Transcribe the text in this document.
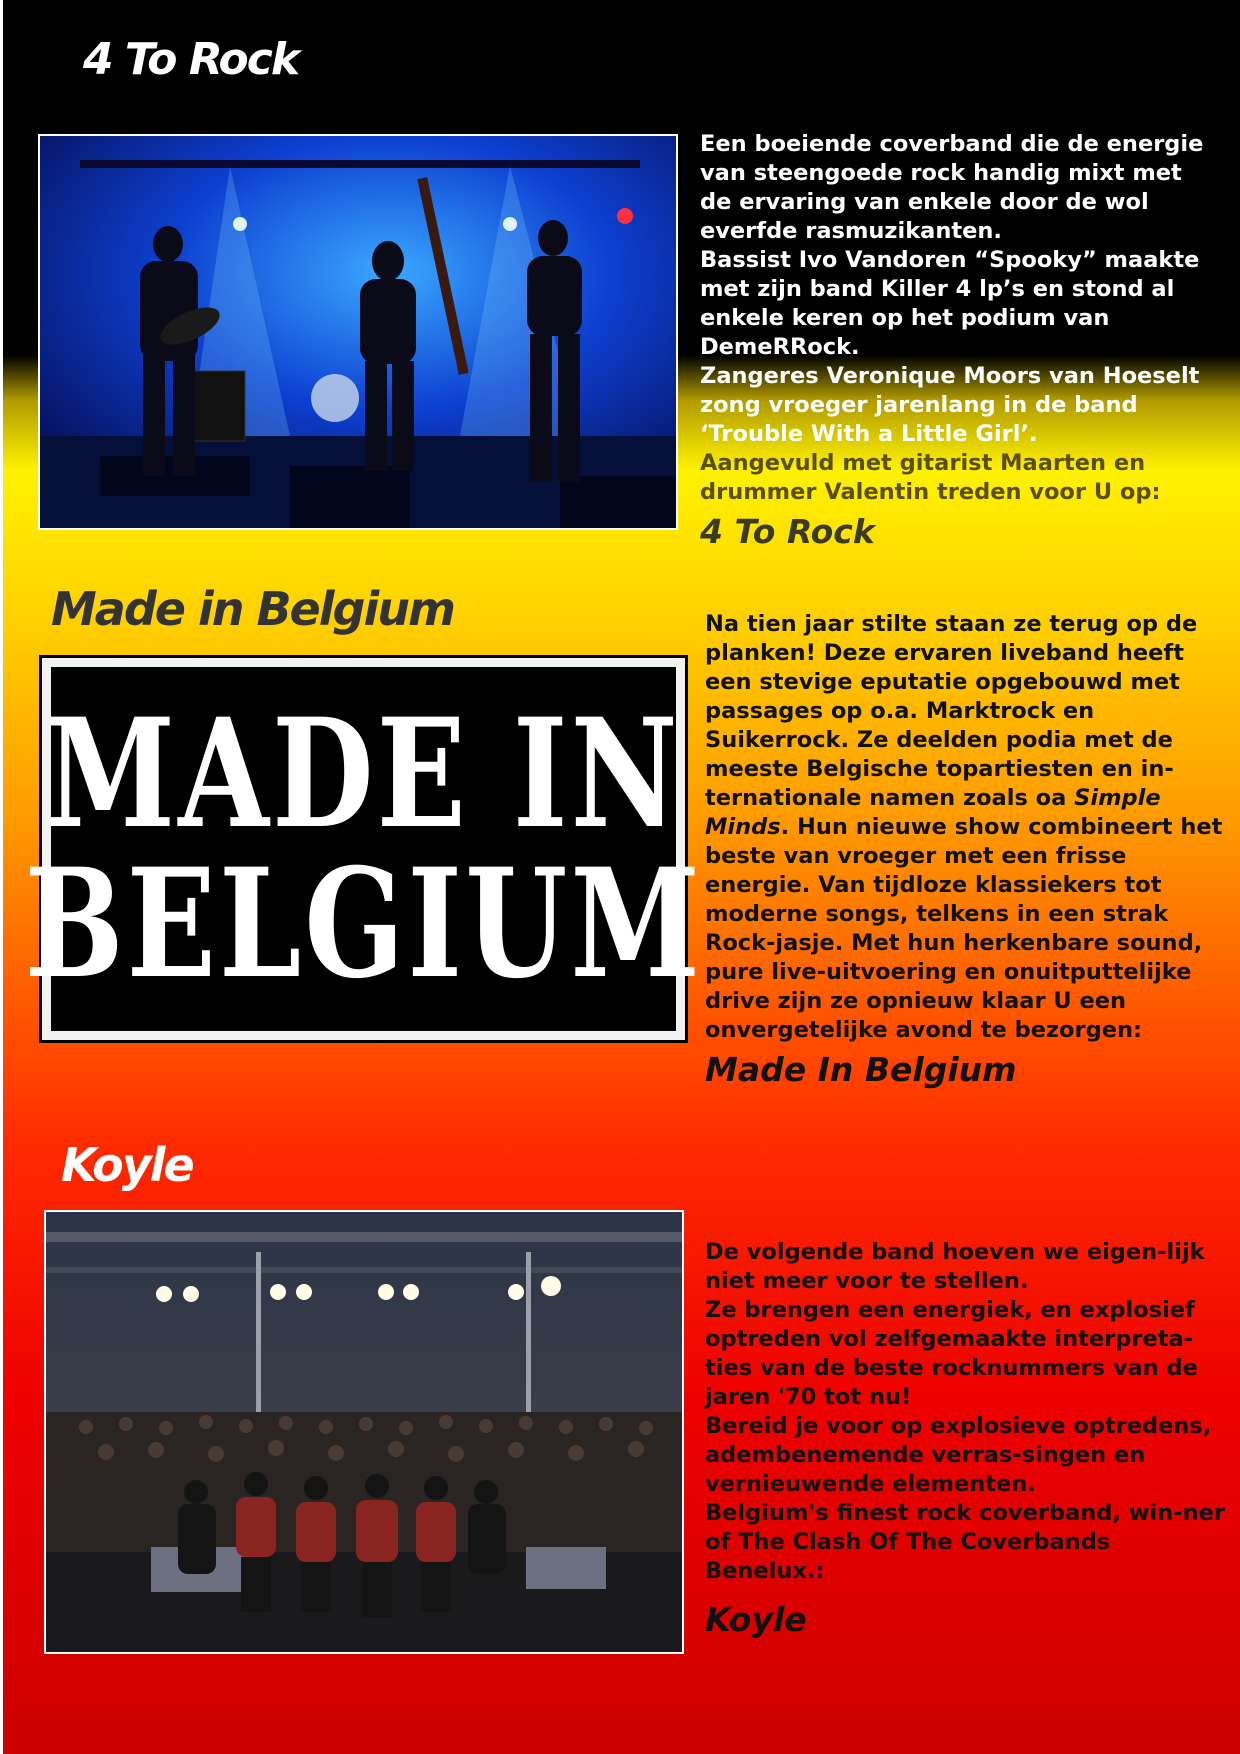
4 To Rock

Een boeiende coverband die de energie van steengoede rock handig mixt met de ervaring van enkele door de wol everfde rasmuzikanten.

Bassist Ivo Vandoren “Spooky” maakte met zijn band Killer 4 lp’s en stond al enkele keren op het podium van DemeRRock.

Zangeres Veronique Moors van Hoeselt zong vroeger jarenlang in de band ‘Trouble With a Little Girl’.

Aangevuld met gitarist Maarten en drummer Valentin treden voor U op:

4 To Rock
Made in Belgium
MADE IN
BELGIUM

Na tien jaar stilte staan ze terug op de planken! Deze ervaren liveband heeft een stevige eputatie opgebouwd met passages op o.a. Marktrock en Suikerrock. Ze deelden podia met de meeste Belgische topartiesten en in-ternationale namen zoals oa Simple Minds. Hun nieuwe show combineert het beste van vroeger met een frisse energie. Van tijdloze klassiekers tot moderne songs, telkens in een strak Rock-jasje. Met hun herkenbare sound, pure live-uitvoering en onuitputtelijke drive zijn ze opnieuw klaar U een onvergetelijke avond te bezorgen:

Made In Belgium
Koyle

De volgende band hoeven we eigen-lijk niet meer voor te stellen.

Ze brengen een energiek, en explosief optreden vol zelfgemaakte interpreta-ties van de beste rocknummers van de jaren '70 tot nu!

Bereid je voor op explosieve optredens, adembenemende verras-singen en vernieuwende elementen.

Belgium's finest rock coverband, win-ner of The Clash Of The Coverbands Benelux.:

Koyle
